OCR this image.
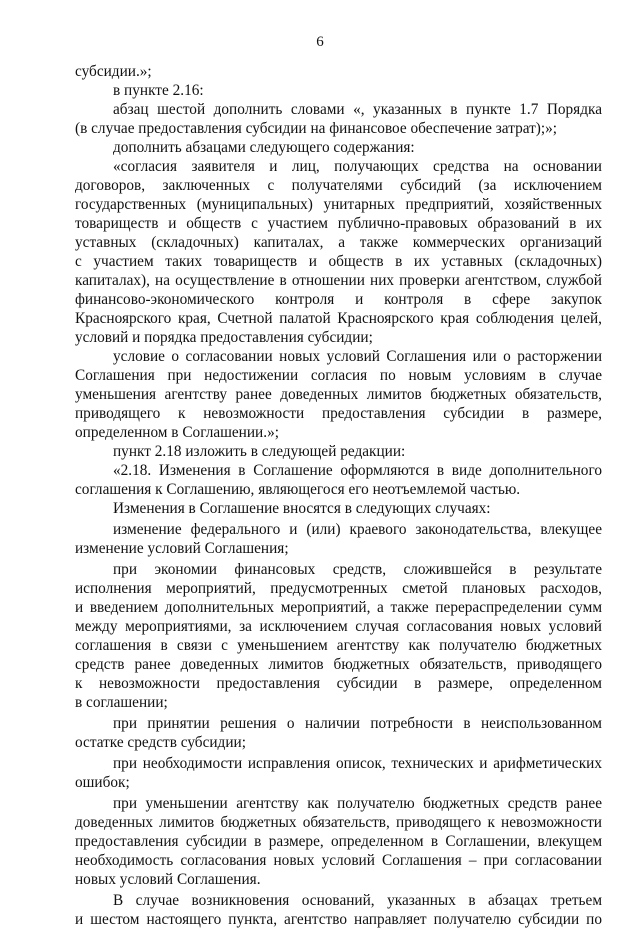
6
субсидии.»;
в пункте 2.16:
абзац шестой дополнить словами «, указанных в пункте 1.7 Порядка
(в случае предоставления субсидии на финансовое обеспечение затрат);»;
дополнить абзацами следующего содержания:
«согласия заявителя и лиц, получающих средства на основании
договоров, заключенных с получателями субсидий (за исключением
государственных (муниципальных) унитарных предприятий, хозяйственных
товариществ и обществ с участием публично-правовых образований в их
уставных (складочных) капиталах, а также коммерческих организаций
с участием таких товариществ и обществ в их уставных (складочных)
капиталах), на осуществление в отношении них проверки агентством, службой
финансово-экономического контроля и контроля в сфере закупок
Красноярского края, Счетной палатой Красноярского края соблюдения целей,
условий и порядка предоставления субсидии;
условие о согласовании новых условий Соглашения или о расторжении
Соглашения при недостижении согласия по новым условиям в случае
уменьшения агентству ранее доведенных лимитов бюджетных обязательств,
приводящего к невозможности предоставления субсидии в размере,
определенном в Соглашении.»;
пункт 2.18 изложить в следующей редакции:
«2.18. Изменения в Соглашение оформляются в виде дополнительного
соглашения к Соглашению, являющегося его неотъемлемой частью.
Изменения в Соглашение вносятся в следующих случаях:
изменение федерального и (или) краевого законодательства, влекущее
изменение условий Соглашения;
при экономии финансовых средств, сложившейся в результате
исполнения мероприятий, предусмотренных сметой плановых расходов,
и введением дополнительных мероприятий, а также перераспределении сумм
между мероприятиями, за исключением случая согласования новых условий
соглашения в связи с уменьшением агентству как получателю бюджетных
средств ранее доведенных лимитов бюджетных обязательств, приводящего
к невозможности предоставления субсидии в размере, определенном
в соглашении;
при принятии решения о наличии потребности в неиспользованном
остатке средств субсидии;
при необходимости исправления описок, технических и арифметических
ошибок;
при уменьшении агентству как получателю бюджетных средств ранее
доведенных лимитов бюджетных обязательств, приводящего к невозможности
предоставления субсидии в размере, определенном в Соглашении, влекущем
необходимость согласования новых условий Соглашения – при согласовании
новых условий Соглашения.
В случае возникновения оснований, указанных в абзацах третьем
и шестом настоящего пункта, агентство направляет получателю субсидии по
